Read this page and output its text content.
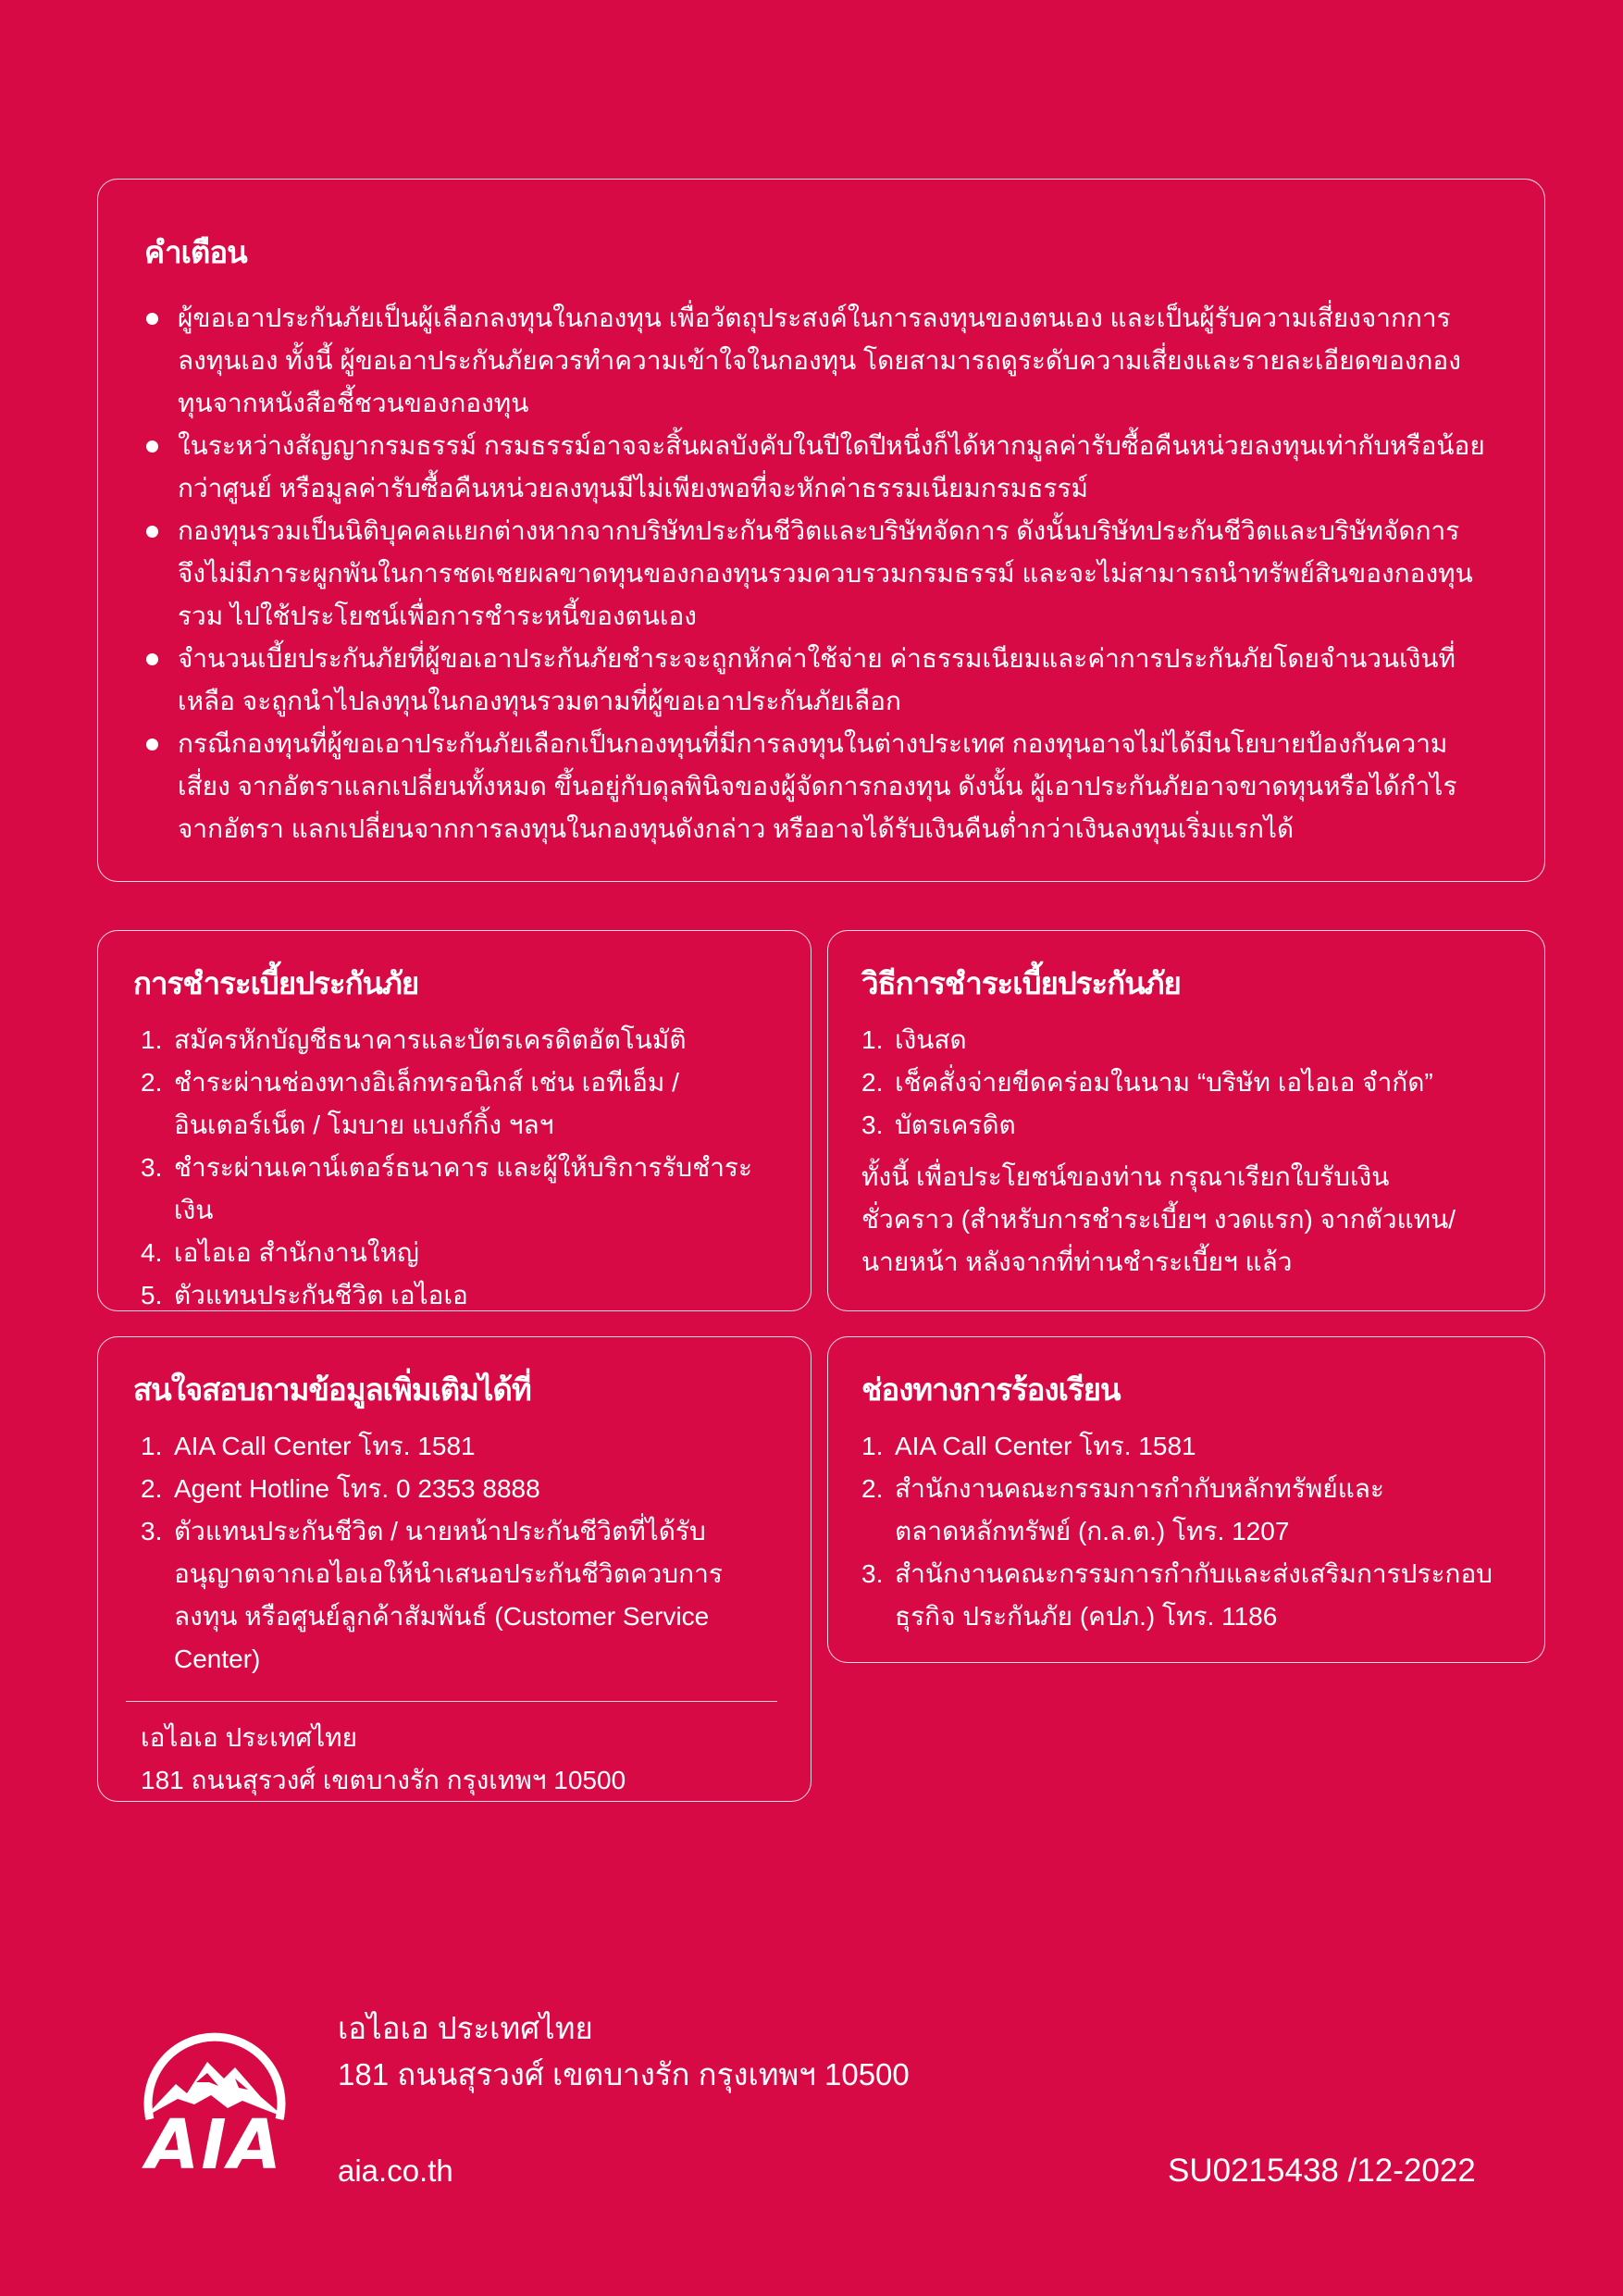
คำเตือน
ผู้ขอเอาประกันภัยเป็นผู้เลือกลงทุนในกองทุน เพื่อวัตถุประสงค์ในการลงทุนของตนเอง และเป็นผู้รับความเสี่ยงจากการลงทุนเอง ทั้งนี้ ผู้ขอเอาประกันภัยควรทำความเข้าใจในกองทุน โดยสามารถดูระดับความเสี่ยงและรายละเอียดของกองทุนจากหนังสือชี้ชวนของกองทุน
ในระหว่างสัญญากรมธรรม์ กรมธรรม์อาจจะสิ้นผลบังคับในปีใดปีหนึ่งก็ได้หากมูลค่ารับซื้อคืนหน่วยลงทุนเท่ากับหรือน้อยกว่าศูนย์ หรือมูลค่ารับซื้อคืนหน่วยลงทุนมีไม่เพียงพอที่จะหักค่าธรรมเนียมกรมธรรม์
กองทุนรวมเป็นนิติบุคคลแยกต่างหากจากบริษัทประกันชีวิตและบริษัทจัดการ ดังนั้นบริษัทประกันชีวิตและบริษัทจัดการ จึงไม่มีภาระผูกพันในการชดเชยผลขาดทุนของกองทุนรวมควบรวมกรมธรรม์ และจะไม่สามารถนำทรัพย์สินของกองทุนรวม ไปใช้ประโยชน์เพื่อการชำระหนี้ของตนเอง
จำนวนเบี้ยประกันภัยที่ผู้ขอเอาประกันภัยชำระจะถูกหักค่าใช้จ่าย ค่าธรรมเนียมและค่าการประกันภัยโดยจำนวนเงินที่เหลือ จะถูกนำไปลงทุนในกองทุนรวมตามที่ผู้ขอเอาประกันภัยเลือก
กรณีกองทุนที่ผู้ขอเอาประกันภัยเลือกเป็นกองทุนที่มีการลงทุนในต่างประเทศ กองทุนอาจไม่ได้มีนโยบายป้องกันความเสี่ยง จากอัตราแลกเปลี่ยนทั้งหมด ขึ้นอยู่กับดุลพินิจของผู้จัดการกองทุน ดังนั้น ผู้เอาประกันภัยอาจขาดทุนหรือได้กำไรจากอัตรา แลกเปลี่ยนจากการลงทุนในกองทุนดังกล่าว หรืออาจได้รับเงินคืนต่ำกว่าเงินลงทุนเริ่มแรกได้
การชำระเบี้ยประกันภัย
1. สมัครหักบัญชีธนาคารและบัตรเครดิตอัตโนมัติ
2. ชำระผ่านช่องทางอิเล็กทรอนิกส์ เช่น เอทีเอ็ม / อินเตอร์เน็ต / โมบาย แบงก์กิ้ง ฯลฯ
3. ชำระผ่านเคาน์เตอร์ธนาคาร และผู้ให้บริการรับชำระเงิน
4. เอไอเอ สำนักงานใหญ่
5. ตัวแทนประกันชีวิต เอไอเอ
วิธีการชำระเบี้ยประกันภัย
1. เงินสด
2. เช็คสั่งจ่ายขีดคร่อมในนาม “บริษัท เอไอเอ จำกัด”
3. บัตรเครดิต

ทั้งนี้ เพื่อประโยชน์ของท่าน กรุณาเรียกใบรับเงินชั่วคราว (สำหรับการชำระเบี้ยฯ งวดแรก) จากตัวแทน/นายหน้า หลังจากที่ท่านชำระเบี้ยฯ แล้ว

สนใจสอบถามข้อมูลเพิ่มเติมได้ที่
1. AIA Call Center โทร. 1581
2. Agent Hotline โทร. 0 2353 8888
3. ตัวแทนประกันชีวิต / นายหน้าประกันชีวิตที่ได้รับ อนุญาตจากเอไอเอให้นำเสนอประกันชีวิตควบการลงทุน หรือศูนย์ลูกค้าสัมพันธ์ (Customer Service Center)
เอไอเอ ประเทศไทย
181 ถนนสุรวงศ์ เขตบางรัก กรุงเทพฯ 10500
ช่องทางการร้องเรียน
1. AIA Call Center โทร. 1581
2. สำนักงานคณะกรรมการกำกับหลักทรัพย์และตลาดหลักทรัพย์ (ก.ล.ต.) โทร. 1207
3. สำนักงานคณะกรรมการกำกับและส่งเสริมการประกอบธุรกิจ ประกันภัย (คปภ.) โทร. 1186
AIA
เอไอเอ ประเทศไทย
181 ถนนสุรวงศ์ เขตบางรัก กรุงเทพฯ 10500
aia.co.th	SU0215438 /12-2022
